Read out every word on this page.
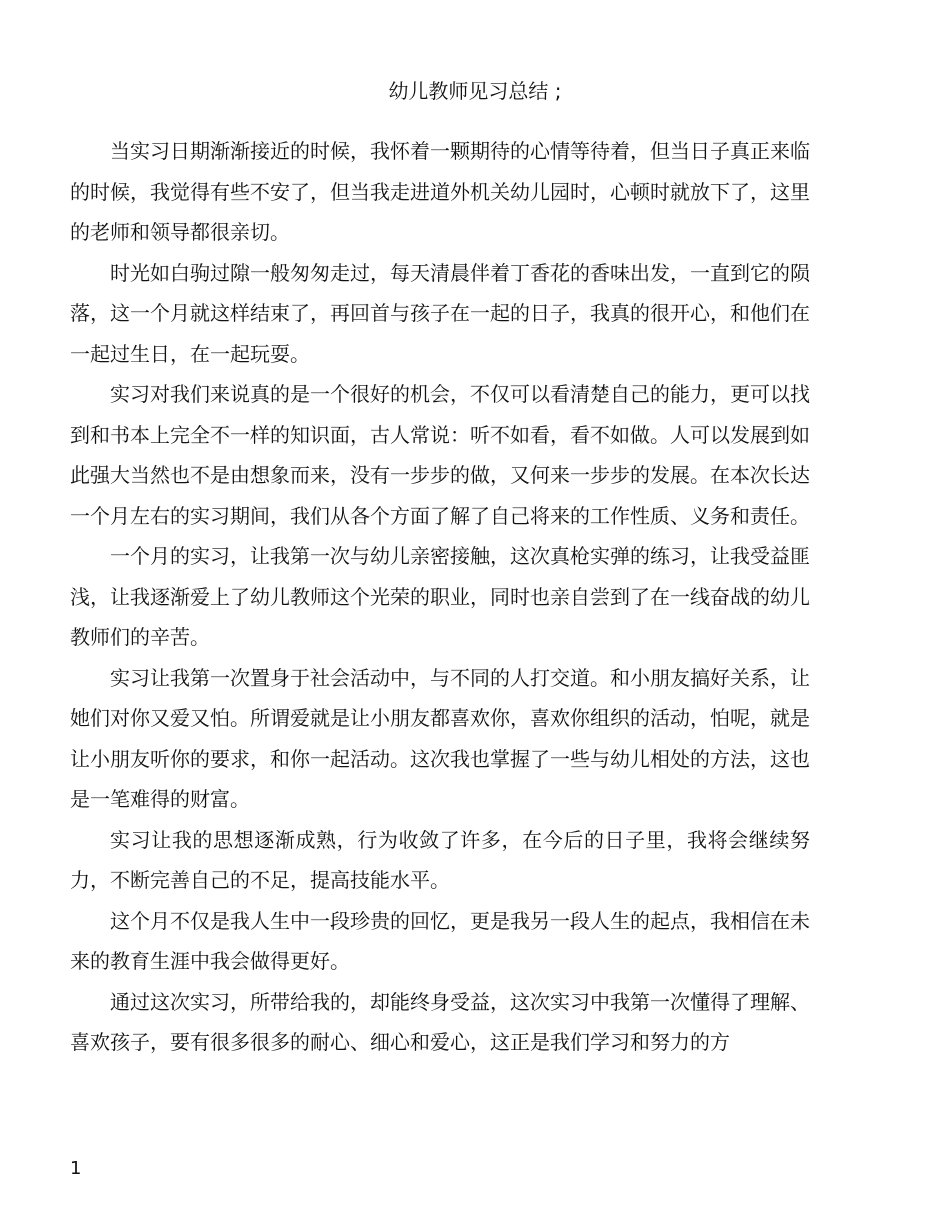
幼儿教师见习总结 ;

当实习日期渐渐接近的时候，我怀着一颗期待的心情等待着，但当日子真正来临的时候，我觉得有些不安了，但当我走进道外机关幼儿园时，心顿时就放下了，这里的老师和领导都很亲切。

时光如白驹过隙一般匆匆走过，每天清晨伴着丁香花的香味出发，一直到它的陨落，这一个月就这样结束了，再回首与孩子在一起的日子，我真的很开心，和他们在一起过生日，在一起玩耍。

实习对我们来说真的是一个很好的机会，不仅可以看清楚自己的能力，更可以找到和书本上完全不一样的知识面，古人常说：听不如看，看不如做。人可以发展到如此强大当然也不是由想象而来，没有一步步的做，又何来一步步的发展。在本次长达一个月左右的实习期间，我们从各个方面了解了自己将来的工作性质、义务和责任。

一个月的实习，让我第一次与幼儿亲密接触，这次真枪实弹的练习，让我受益匪浅，让我逐渐爱上了幼儿教师这个光荣的职业，同时也亲自尝到了在一线奋战的幼儿教师们的辛苦。

实习让我第一次置身于社会活动中，与不同的人打交道。和小朋友搞好关系，让她们对你又爱又怕。所谓爱就是让小朋友都喜欢你，喜欢你组织的活动，怕呢，就是让小朋友听你的要求，和你一起活动。这次我也掌握了一些与幼儿相处的方法，这也是一笔难得的财富。

实习让我的思想逐渐成熟，行为收敛了许多，在今后的日子里，我将会继续努力，不断完善自己的不足，提高技能水平。

这个月不仅是我人生中一段珍贵的回忆，更是我另一段人生的起点，我相信在未来的教育生涯中我会做得更好。

通过这次实习，所带给我的，却能终身受益，这次实习中我第一次懂得了理解、喜欢孩子，要有很多很多的耐心、细心和爱心，这正是我们学习和努力的方

1
